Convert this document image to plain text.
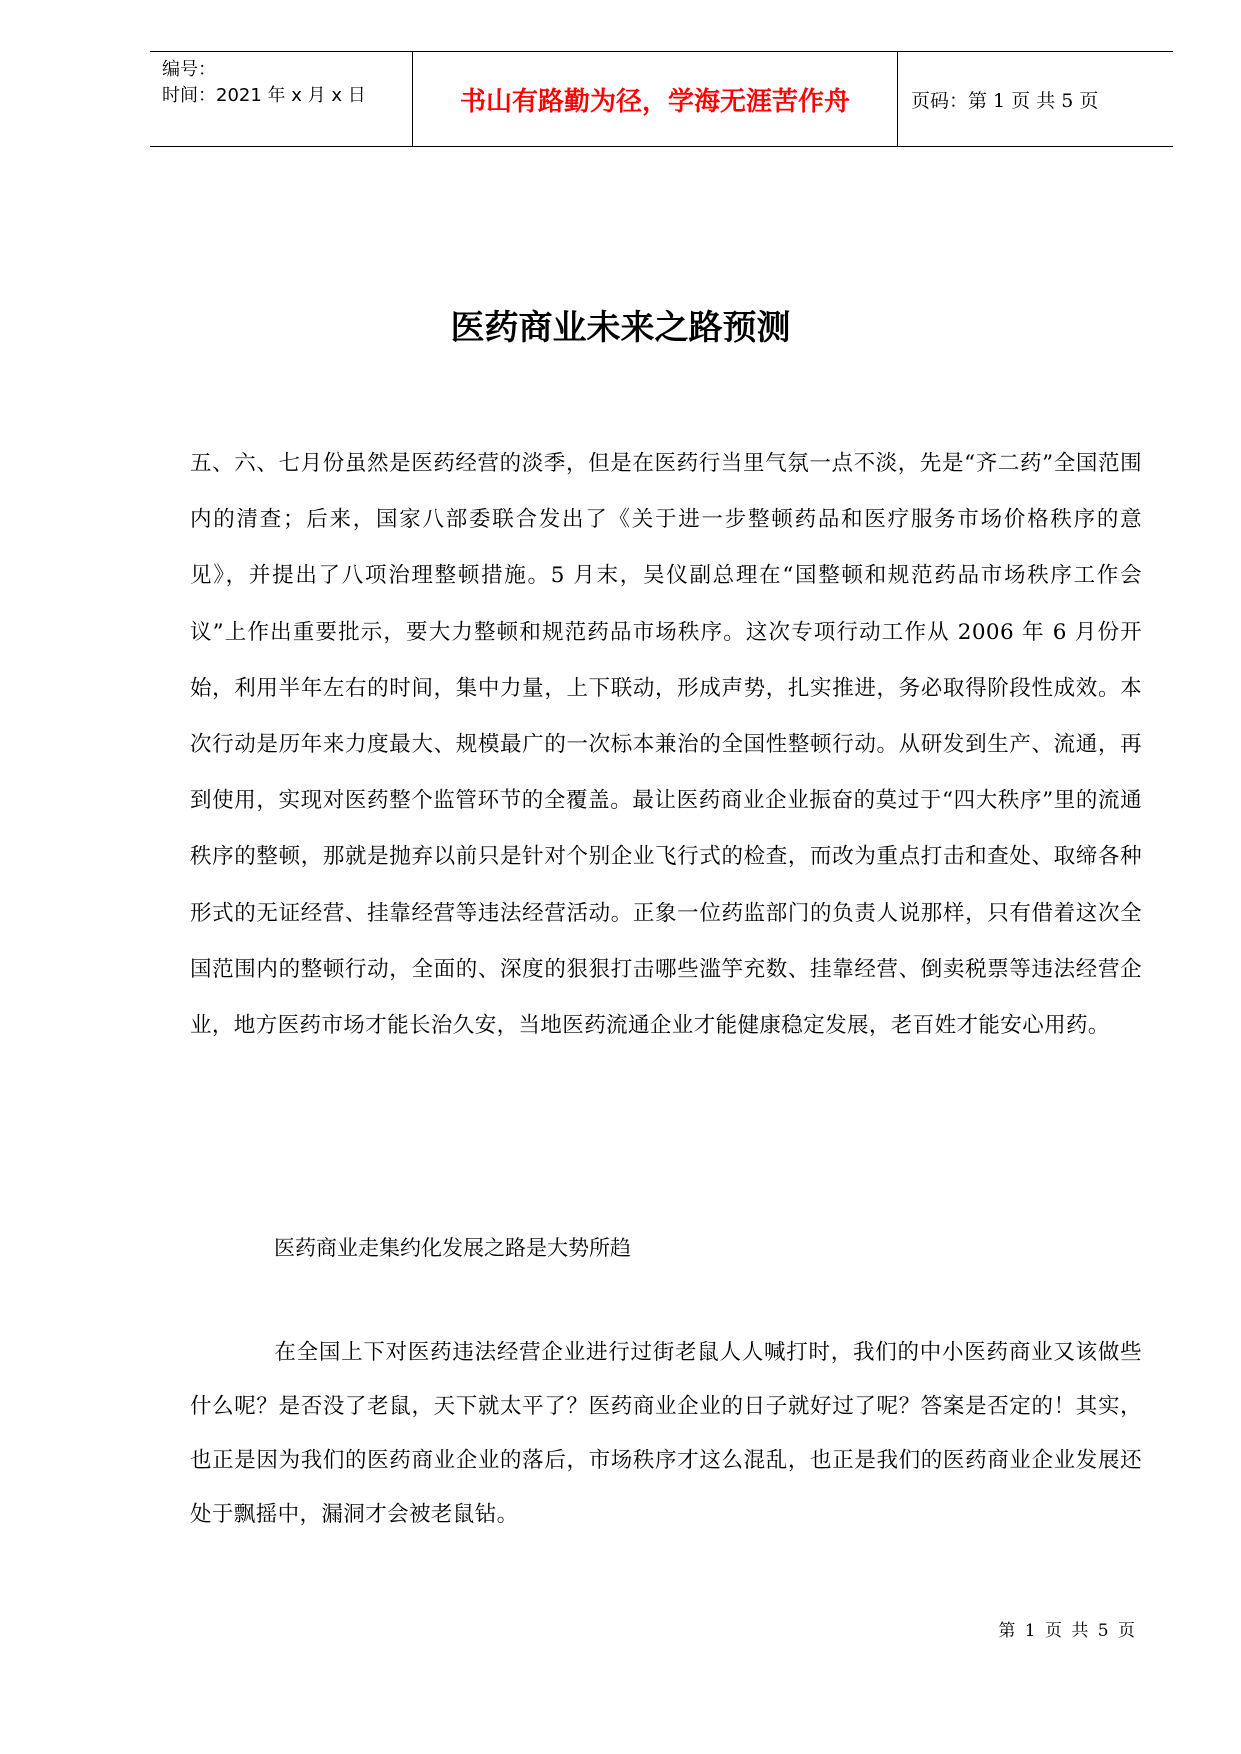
编号：
时间：2021 年 x 月 x 日	书山有路勤为径，学海无涯苦作舟	页码：第 1 页 共 5 页
医药商业未来之路预测

五、六、七月份虽然是医药经营的淡季，但是在医药行当里气氛一点不淡，先是“齐二药”全国范围内的清查；后来，国家八部委联合发出了《关于进一步整顿药品和医疗服务市场价格秩序的意见》，并提出了八项治理整顿措施。5 月末，吴仪副总理在“国整顿和规范药品市场秩序工作会议”上作出重要批示，要大力整顿和规范药品市场秩序。这次专项行动工作从 2006 年 6 月份开始，利用半年左右的时间，集中力量，上下联动，形成声势，扎实推进，务必取得阶段性成效。本次行动是历年来力度最大、规模最广的一次标本兼治的全国性整顿行动。从研发到生产、流通，再到使用，实现对医药整个监管环节的全覆盖。最让医药商业企业振奋的莫过于“四大秩序”里的流通秩序的整顿，那就是抛弃以前只是针对个别企业飞行式的检查，而改为重点打击和查处、取缔各种形式的无证经营、挂靠经营等违法经营活动。正象一位药监部门的负责人说那样，只有借着这次全国范围内的整顿行动，全面的、深度的狠狠打击哪些滥竽充数、挂靠经营、倒卖税票等违法经营企业，地方医药市场才能长治久安，当地医药流通企业才能健康稳定发展，老百姓才能安心用药。

医药商业走集约化发展之路是大势所趋

在全国上下对医药违法经营企业进行过街老鼠人人喊打时，我们的中小医药商业又该做些什么呢？是否没了老鼠，天下就太平了？医药商业企业的日子就好过了呢？答案是否定的！其实，也正是因为我们的医药商业企业的落后，市场秩序才这么混乱，也正是我们的医药商业企业发展还处于飘摇中，漏洞才会被老鼠钻。

第 1 页 共 5 页
